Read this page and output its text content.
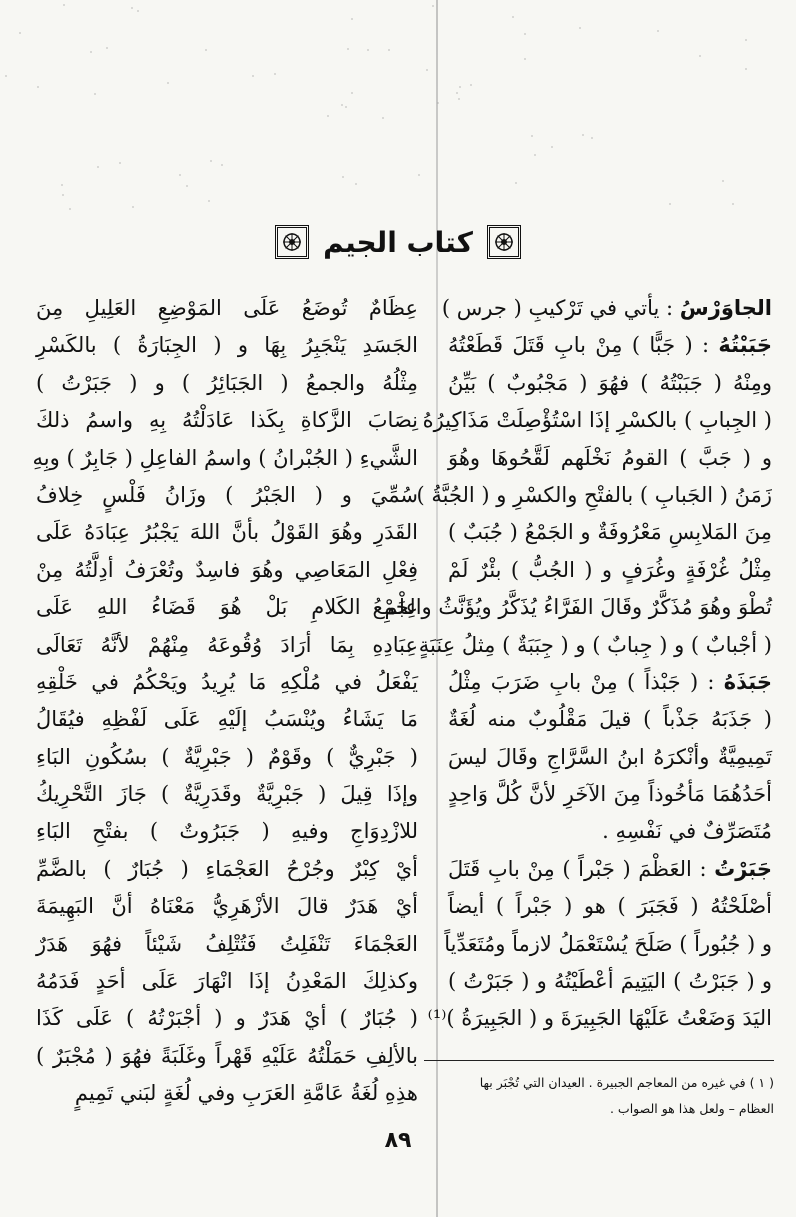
كتاب الجيم
الجاوَرْسُ : يأتي في تَرْكيبِ ( جرس )
جَبَبْتُهُ : ( جَبًّا ) مِنْ بابِ قَتَلَ قَطَعْتُهُ
ومِنْهُ ( جَبَبْتُهُ ) فهُوَ ( مَجْبُوبٌ ) بَيِّنُ
( الجِبابِ ) بالكسْرِ إذَا اسْتُؤْصِلَتْ مَذَاكِيرُهُ
و ( جَبَّ ) القومُ نَخْلَهم لَقَّحُوهَا وهُوَ
زَمَنُ ( الجَبابِ ) بالفتْحِ والكسْرِ و ( الجُبَّةُ )
مِنَ المَلابِسِ مَعْرُوفَةٌ و الجَمْعُ ( جُبَبٌ )
مِثْلُ غُرْفَةٍ وغُرَفٍ و ( الجُبُّ ) بئْرٌ لَمْ
تُطْوَ وهُوَ مُذَكَّرٌ وقَالَ الفَرَّاءُ يُذَكَّرُ ويُؤَنَّثُ والجَمْعُ
( أجْبابٌ ) و ( جِبابٌ ) و ( جِبَبَةٌ ) مِثلُ عِنَبَةٍ .
جَبَذَهُ : ( جَبْذاً ) مِنْ بابِ ضَرَبَ مِثْلُ
( جَذَبَهُ جَذْباً ) قيلَ مَقْلُوبٌ منه لُغَةٌ
تَمِيمِيَّةٌ وأنْكرَهُ ابنُ السَّرَّاجِ وقَالَ ليسَ
أحَدُهُمَا مَأخُوذاً مِنَ الآخَرِ لأنَّ كُلَّ وَاحِدٍ
مُتَصَرِّفٌ في نَفْسِهِ .
جَبَرْتُ : العَظْمَ ( جَبْراً ) مِنْ بابِ قَتَلَ
أصْلَحْتُهُ ( فَجَبَرَ ) هو ( جَبْراً ) أيضاً
و ( جُبُوراً ) صَلَحَ يُسْتَعْمَلُ لازماً ومُتَعَدِّياً
و ( جَبَرْتُ ) اليَتِيمَ أعْطَيْتُهُ و ( جَبَرْتُ )
اليَدَ وَضَعْتُ عَلَيْهَا الجَبِيرَةَ و ( الجَبِيرَةُ )⁽¹⁾
عِظَامٌ تُوضَعُ عَلَى المَوْضِعِ العَلِيلِ مِنَ
الجَسَدِ يَنْجَبِرُ بِهَا و ( الجِبَارَةُ ) بالكَسْرِ
مِثْلُهُ والجمعُ ( الجَبَائِرُ ) و ( جَبَرْتُ )
نِصَابَ الزَّكاةِ بِكَذا عَادَلْتُهُ بِهِ واسمُ ذلكَ
الشَّيءِ ( الجُبْرانُ ) واسمُ الفاعِلِ ( جَابِرٌ ) وبِهِ
سُمِّيَ و ( الجَبْرُ ) وزَانُ فَلْسٍ خِلافُ
القَدَرِ وهُوَ القَوْلُ بأنَّ اللهَ يَجْبُرُ عِبَادَهُ عَلَى
فِعْلِ المَعَاصِي وهُوَ فاسِدٌ وتُعْرَفُ أدِلَّتُهُ مِنْ
عِلْمِ الكَلامِ بَلْ هُوَ قَضَاءُ اللهِ عَلَى
عِبَادِهِ بِمَا أرَادَ وُقُوعَهُ مِنْهُمْ لأنَّهُ تَعَالَى
يَفْعَلُ في مُلْكِهِ مَا يُرِيدُ ويَحْكُمُ في خَلْقِهِ
مَا يَشَاءُ ويُنْسَبُ إلَيْهِ عَلَى لَفْظِهِ فيُقَالُ
( جَبْرِيٌّ ) وقَوْمٌ ( جَبْرِيَّةٌ ) بسُكُونِ البَاءِ
وإذَا قِيلَ ( جَبْرِيَّةٌ وقَدَرِيَّةٌ ) جَازَ التَّحْرِيكُ
للازْدِوَاجِ وفيهِ ( جَبَرُوتٌ ) بفتْحِ البَاءِ
أيْ كِبْرٌ وجُرْحُ العَجْمَاءِ ( جُبَارٌ ) بالضَّمِّ
أيْ هَدَرٌ قالَ الأزْهَرِيُّ مَعْنَاهُ أنَّ البَهِيمَةَ
العَجْمَاءَ تَنْفَلِتُ فَتُتْلِفُ شَيْئاً فهُوَ هَدَرٌ
وكذلِكَ المَعْدِنُ إذَا انْهَارَ عَلَى أحَدٍ فَدَمُهُ
( جُبَارٌ ) أيْ هَدَرٌ و ( أجْبَرْتُهُ ) عَلَى كَذَا
بالألِفِ حَمَلْتُهُ عَلَيْهِ قَهْراً وغَلَبَةً فهُوَ ( مُجْبَرٌ )
هذِهِ لُغَةُ عَامَّةِ العَرَبِ وفي لُغَةٍ لبَني تَمِيمٍ	( ١ ) في غيره من المعاجم الجبيرة . العيدان التي تُجْبَر بها
العظام – ولعل هذا هو الصواب .
٨٩
